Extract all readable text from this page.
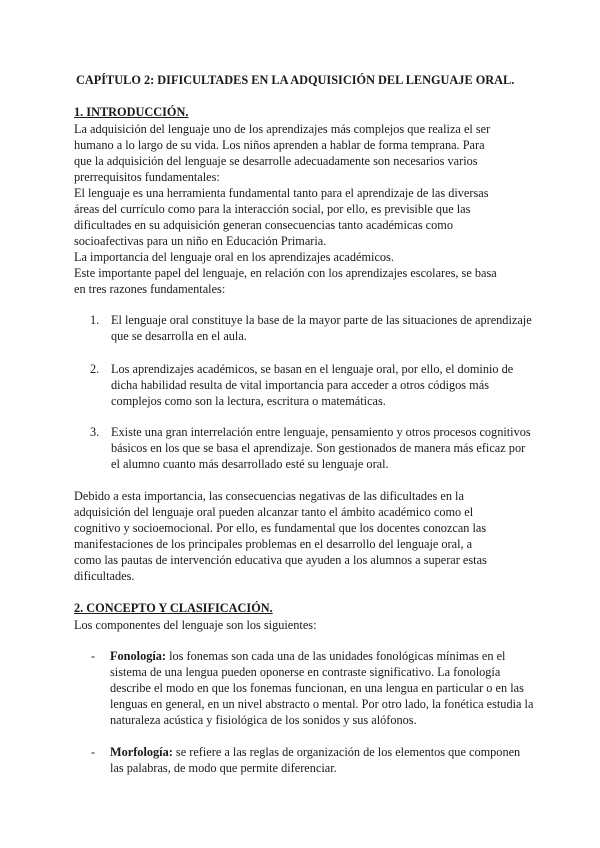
CAPÍTULO 2: DIFICULTADES EN LA ADQUISICIÓN DEL LENGUAJE ORAL.
1. INTRODUCCIÓN.
La adquisición del lenguaje uno de los aprendizajes más complejos que realiza el ser
humano a lo largo de su vida. Los niños aprenden a hablar de forma temprana. Para
que la adquisición del lenguaje se desarrolle adecuadamente son necesarios varios
prerrequisitos fundamentales:
El lenguaje es una herramienta fundamental tanto para el aprendizaje de las diversas
áreas del currículo como para la interacción social, por ello, es previsible que las
dificultades en su adquisición generan consecuencias tanto académicas como
socioafectivas para un niño en Educación Primaria.
La importancia del lenguaje oral en los aprendizajes académicos.
Este importante papel del lenguaje, en relación con los aprendizajes escolares, se basa
en tres razones fundamentales:
1. El lenguaje oral constituye la base de la mayor parte de las situaciones de aprendizaje
que se desarrolla en el aula.
2. Los aprendizajes académicos, se basan en el lenguaje oral, por ello, el dominio de
dicha habilidad resulta de vital importancia para acceder a otros códigos más
complejos como son la lectura, escritura o matemáticas.
3. Existe una gran interrelación entre lenguaje, pensamiento y otros procesos cognitivos
básicos en los que se basa el aprendizaje. Son gestionados de manera más eficaz por
el alumno cuanto más desarrollado esté su lenguaje oral.
Debido a esta importancia, las consecuencias negativas de las dificultades en la
adquisición del lenguaje oral pueden alcanzar tanto el ámbito académico como el
cognitivo y socioemocional. Por ello, es fundamental que los docentes conozcan las
manifestaciones de los principales problemas en el desarrollo del lenguaje oral, a
como las pautas de intervención educativa que ayuden a los alumnos a superar estas
dificultades.
2. CONCEPTO Y CLASIFICACIÓN.
Los componentes del lenguaje son los siguientes:
- Fonología: los fonemas son cada una de las unidades fonológicas mínimas en el
sistema de una lengua pueden oponerse en contraste significativo. La fonología
describe el modo en que los fonemas funcionan, en una lengua en particular o en las
lenguas en general, en un nivel abstracto o mental. Por otro lado, la fonética estudia la
naturaleza acústica y fisiológica de los sonidos y sus alófonos.
- Morfología: se refiere a las reglas de organización de los elementos que componen
las palabras, de modo que permite diferenciar.
